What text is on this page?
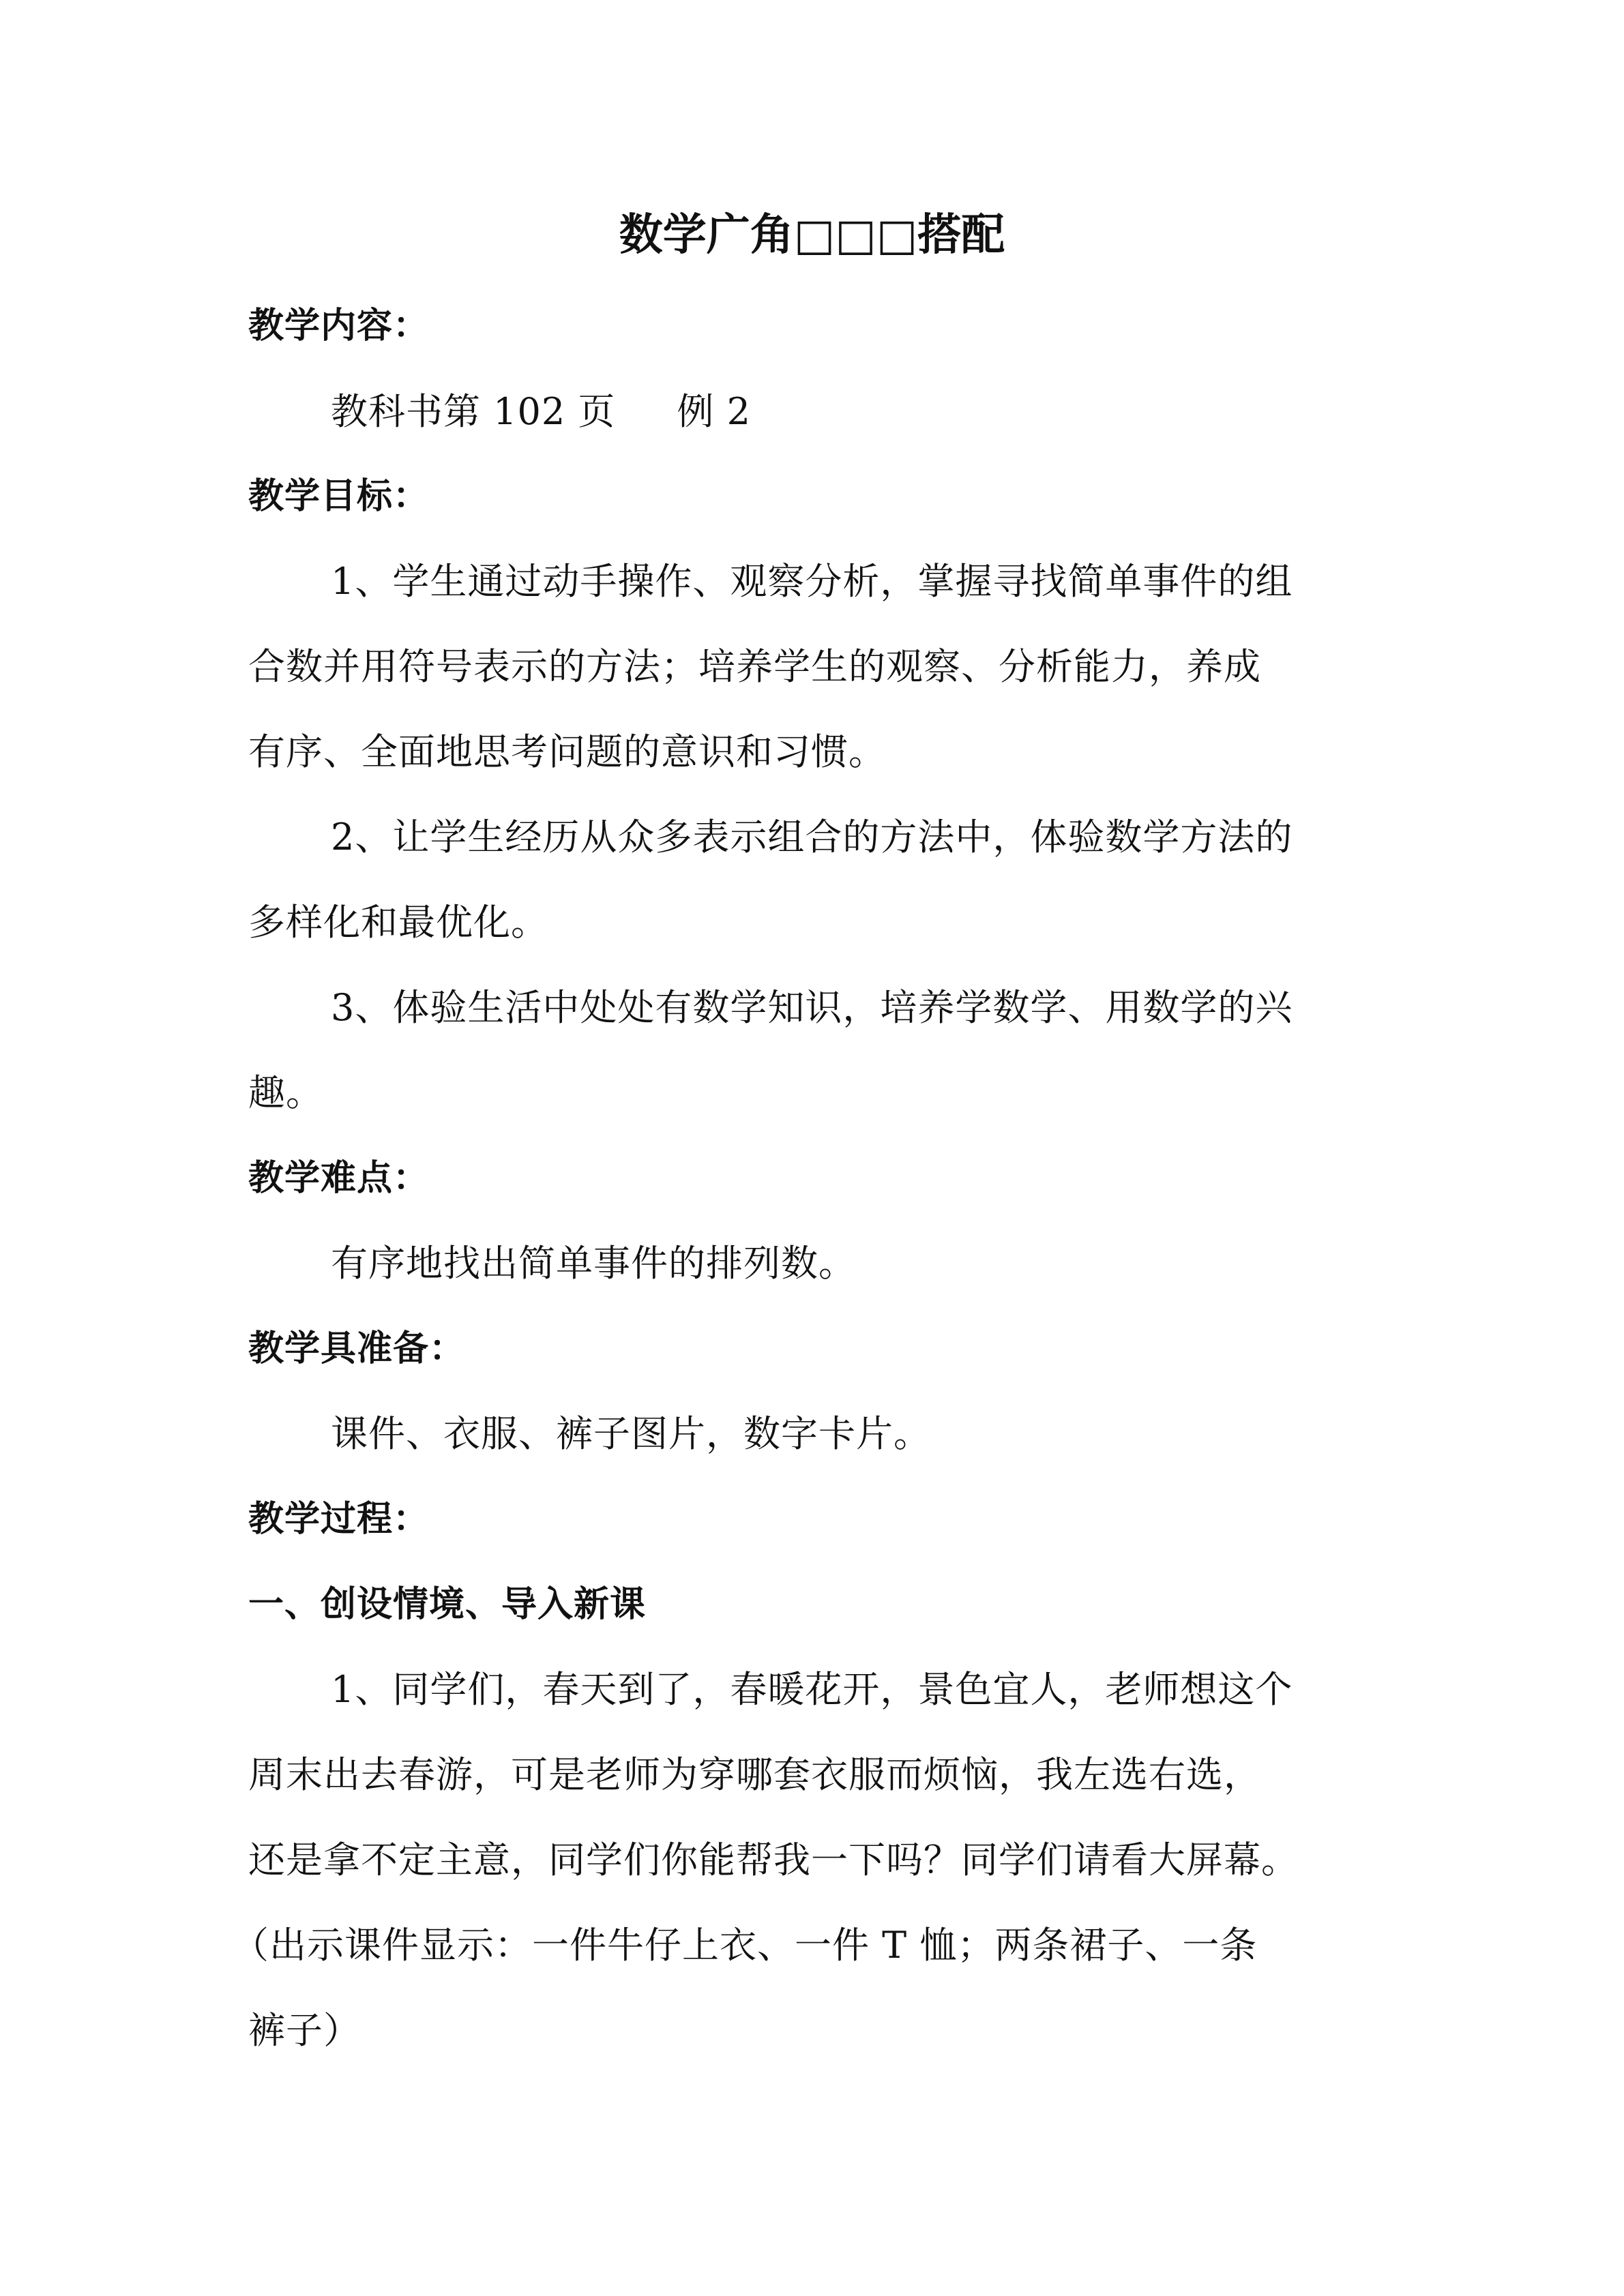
数学广角□□□搭配
教学内容：
教科书第 102 页 例 2
教学目标：
1、学生通过动手操作、观察分析，掌握寻找简单事件的组
合数并用符号表示的方法；培养学生的观察、分析能力，养成
有序、全面地思考问题的意识和习惯。
2、让学生经历从众多表示组合的方法中，体验数学方法的
多样化和最优化。
3、体验生活中处处有数学知识，培养学数学、用数学的兴
趣。
教学难点：
有序地找出简单事件的排列数。
教学具准备：
课件、衣服、裤子图片，数字卡片。
教学过程：
一、创设情境、导入新课
1、同学们，春天到了，春暖花开，景色宜人，老师想这个
周末出去春游，可是老师为穿哪套衣服而烦恼，我左选右选，
还是拿不定主意，同学们你能帮我一下吗？同学们请看大屏幕。
（出示课件显示：一件牛仔上衣、一件 T 恤；两条裙子、一条
裤子）
